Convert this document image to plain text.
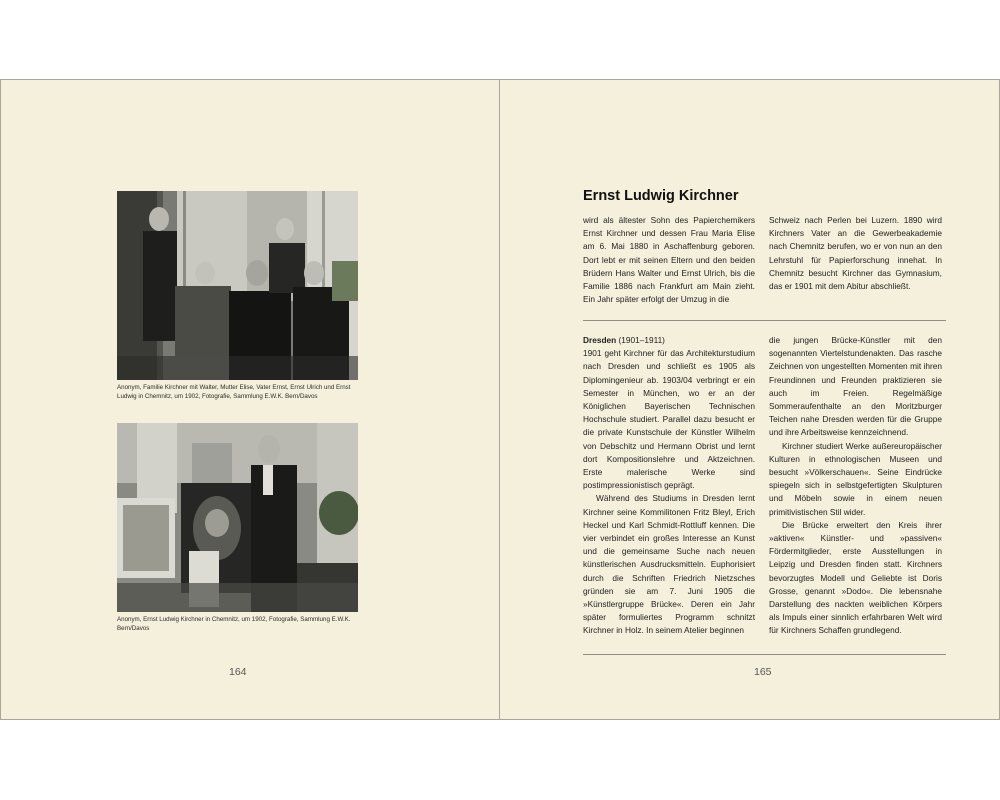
Anonym, Familie Kirchner mit Walter, Mutter Elise, Vater Ernst, Ernst Ulrich und Ernst Ludwig in Chemnitz, um 1902, Fotografie, Sammlung E.W.K. Bern/Davos
Anonym, Ernst Ludwig Kirchner in Chemnitz, um 1902, Fotografie, Sammlung E.W.K. Bern/Davos
164
Ernst Ludwig Kirchner

wird als ältester Sohn des Papierchemikers Ernst Kirchner und dessen Frau Maria Elise am 6. Mai 1880 in Aschaffenburg geboren. Dort lebt er mit seinen Eltern und den beiden Brüdern Hans Walter und Ernst Ulrich, bis die Familie 1886 nach Frankfurt am Main zieht. Ein Jahr später erfolgt der Umzug in die

Schweiz nach Perlen bei Luzern. 1890 wird Kirchners Vater an die Gewerbeakademie nach Chemnitz berufen, wo er von nun an den Lehrstuhl für Papierforschung innehat. In Chemnitz besucht Kirchner das Gymnasium, das er 1901 mit dem Abitur abschließt.

Dresden (1901–1911)

1901 geht Kirchner für das Architekturstudium nach Dresden und schließt es 1905 als Diplomingenieur ab. 1903/04 verbringt er ein Semester in München, wo er an der Königlichen Bayerischen Technischen Hochschule studiert. Parallel dazu besucht er die private Kunstschule der Künstler Wilhelm von Debschitz und Hermann Obrist und lernt dort Kompositionslehre und Aktzeichnen. Erste malerische Werke sind postimpressionistisch geprägt.

Während des Studiums in Dresden lernt Kirchner seine Kommilitonen Fritz Bleyl, Erich Heckel und Karl Schmidt-Rottluff kennen. Die vier verbindet ein großes Interesse an Kunst und die gemeinsame Suche nach neuen künstlerischen Ausdrucksmitteln. Euphorisiert durch die Schriften Friedrich Nietzsches gründen sie am 7. Juni 1905 die »Künstlergruppe Brücke«. Deren ein Jahr später formuliertes Programm schnitzt Kirchner in Holz. In seinem Atelier beginnen

die jungen Brücke-Künstler mit den sogenannten Viertelstundenakten. Das rasche Zeichnen von ungestellten Momenten mit ihren Freundinnen und Freunden praktizieren sie auch im Freien. Regelmäßige Sommeraufenthalte an den Moritzburger Teichen nahe Dresden werden für die Gruppe und ihre Arbeitsweise kennzeichnend.

Kirchner studiert Werke außereuropäischer Kulturen in ethnologischen Museen und besucht »Völkerschauen«. Seine Eindrücke spiegeln sich in selbstgefertigten Skulpturen und Möbeln sowie in einem neuen primitivistischen Stil wider.

Die Brücke erweitert den Kreis ihrer »aktiven« Künstler- und »passiven« Fördermitglieder, erste Ausstellungen in Leipzig und Dresden finden statt. Kirchners bevorzugtes Modell und Geliebte ist Doris Grosse, genannt »Dodo«. Die lebensnahe Darstellung des nackten weiblichen Körpers als Impuls einer sinnlich erfahrbaren Welt wird für Kirchners Schaffen grundlegend.

165
